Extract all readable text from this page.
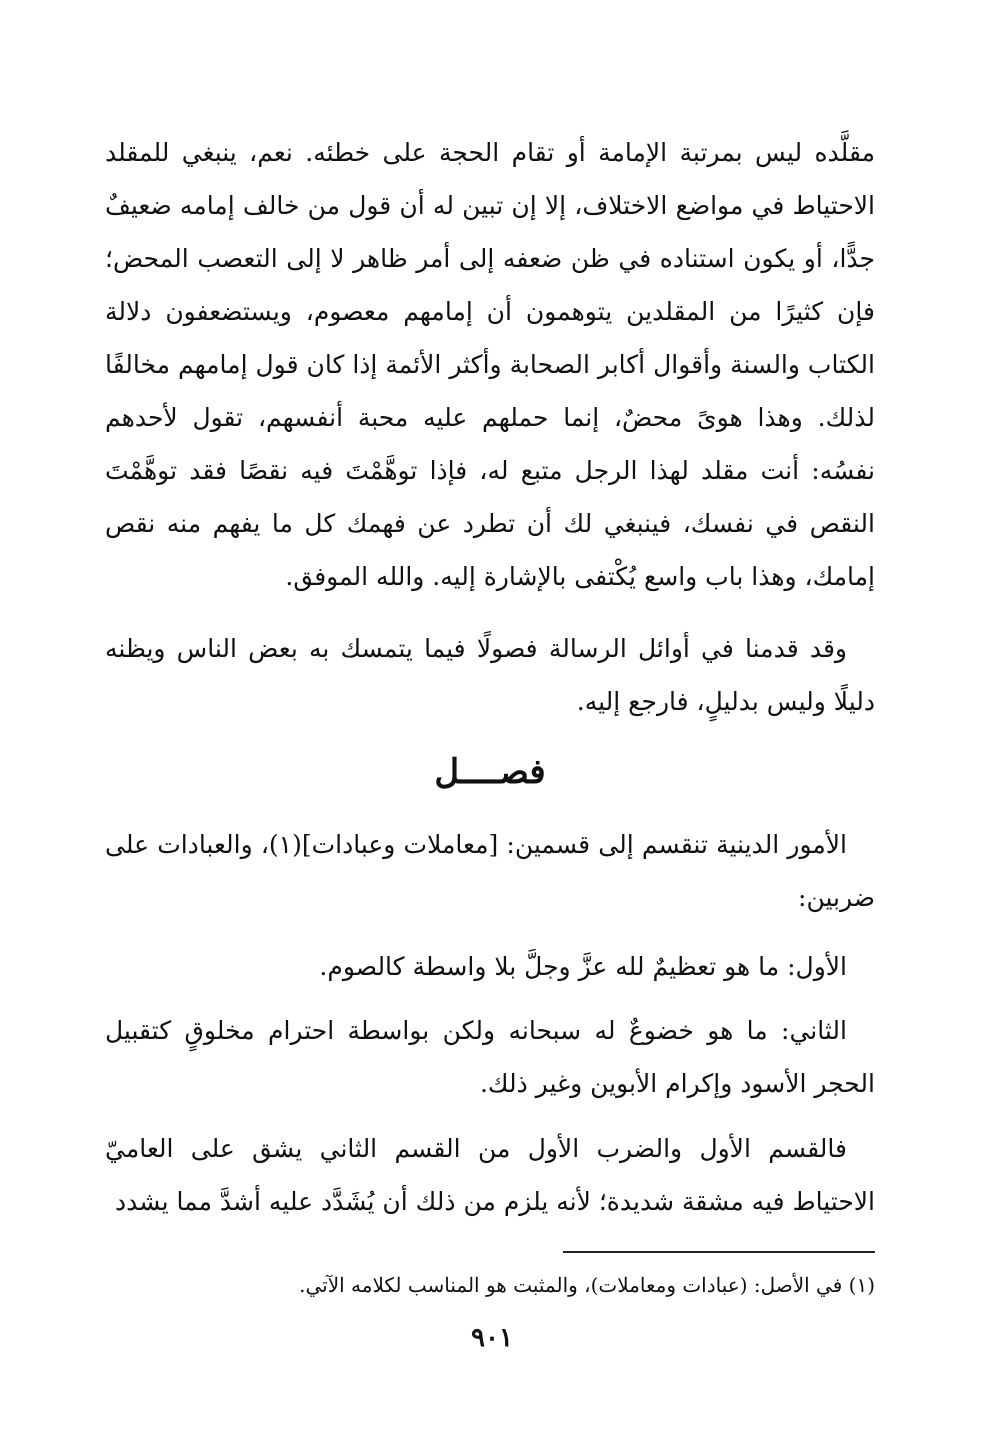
مقلَّده ليس بمرتبة الإمامة أو تقام الحجة على خطئه. نعم، ينبغي للمقلد الاحتياط في مواضع الاختلاف، إلا إن تبين له أن قول من خالف إمامه ضعيفٌ جدًّا، أو يكون استناده في ظن ضعفه إلى أمر ظاهر لا إلى التعصب المحض؛ فإن كثيرًا من المقلدين يتوهمون أن إمامهم معصوم، ويستضعفون دلالة الكتاب والسنة وأقوال أكابر الصحابة وأكثر الأئمة إذا كان قول إمامهم مخالفًا لذلك. وهذا هوىً محضٌ، إنما حملهم عليه محبة أنفسهم، تقول لأحدهم نفسُه: أنت مقلد لهذا الرجل متبع له، فإذا توهَّمْتَ فيه نقصًا فقد توهَّمْتَ النقص في نفسك، فينبغي لك أن تطرد عن فهمك كل ما يفهم منه نقص إمامك، وهذا باب واسع يُكْتفى بالإشارة إليه. والله الموفق.

وقد قدمنا في أوائل الرسالة فصولًا فيما يتمسك به بعض الناس ويظنه دليلًا وليس بدليلٍ، فارجع إليه.

فصــــل

الأمور الدينية تنقسم إلى قسمين: [معاملات وعبادات](١)، والعبادات على ضربين:

الأول: ما هو تعظيمٌ لله عزَّ وجلَّ بلا واسطة كالصوم.

الثاني: ما هو خضوعٌ له سبحانه ولكن بواسطة احترام مخلوقٍ كتقبيل الحجر الأسود وإكرام الأبوين وغير ذلك.

فالقسم الأول والضرب الأول من القسم الثاني يشق على العاميّ الاحتياط فيه مشقة شديدة؛ لأنه يلزم من ذلك أن يُشَدَّد عليه أشدَّ مما يشدد

(١) في الأصل: (عبادات ومعاملات)، والمثبت هو المناسب لكلامه الآتي.

٩٠١
